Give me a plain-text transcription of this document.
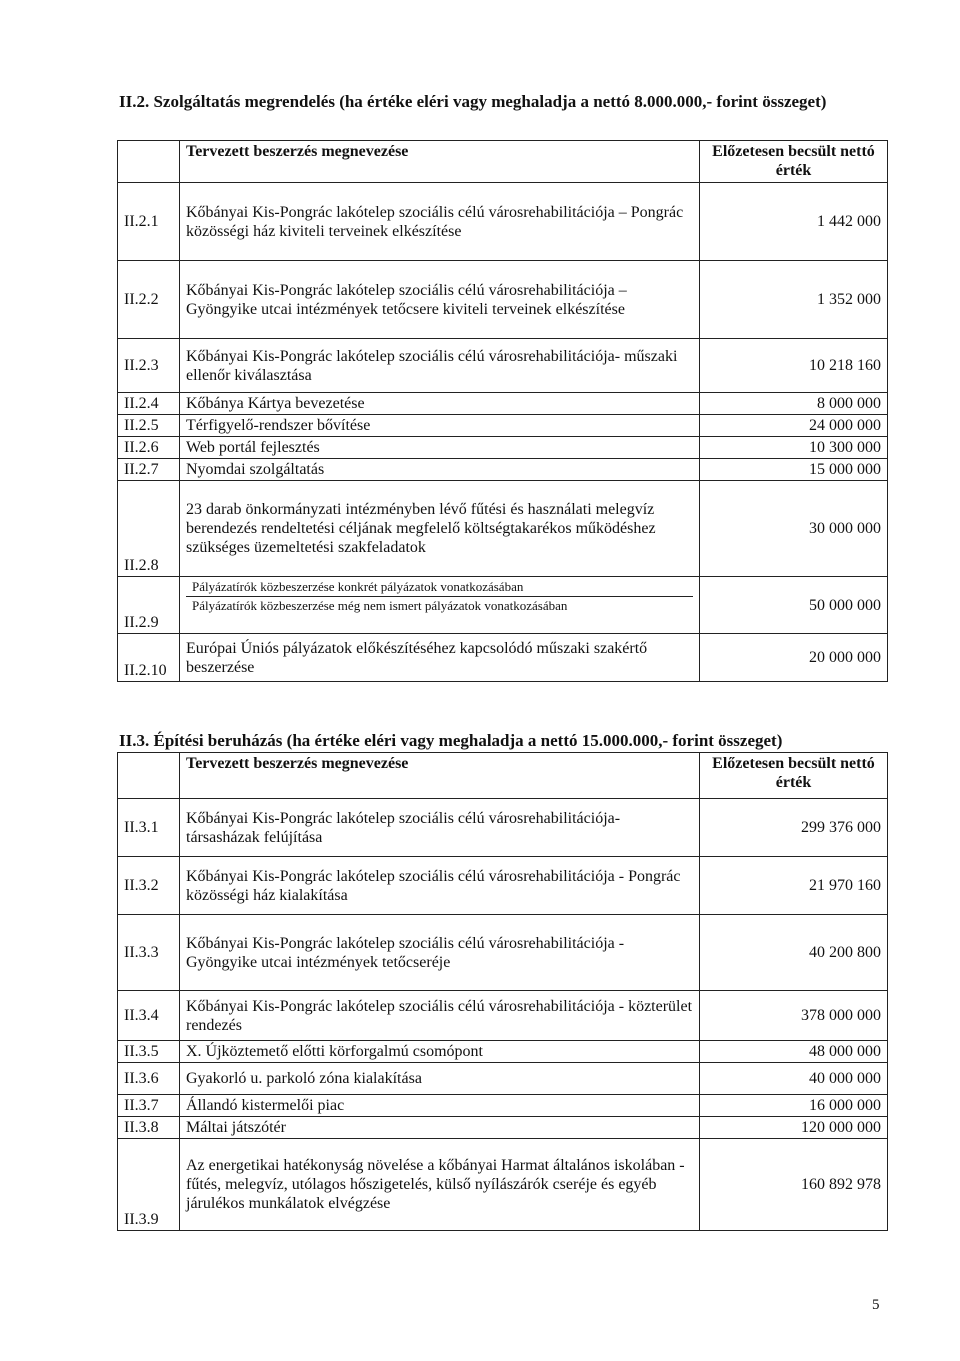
II.2. Szolgáltatás megrendelés (ha értéke eléri vagy meghaladja a nettó 8.000.000,- forint összeget)
	Tervezett beszerzés megnevezése	Előzetesen becsült nettó érték
II.2.1	Kőbányai Kis-Pongrác lakótelep szociális célú városrehabilitációja – Pongrác közösségi ház kiviteli terveinek elkészítése	1 442 000
II.2.2	Kőbányai Kis-Pongrác lakótelep szociális célú városrehabilitációja – Gyöngyike utcai intézmények tetőcsere kiviteli terveinek elkészítése	1 352 000
II.2.3	Kőbányai Kis-Pongrác lakótelep szociális célú városrehabilitációja- műszaki ellenőr kiválasztása	10 218 160
II.2.4	Kőbánya Kártya bevezetése	8 000 000
II.2.5	Térfigyelő-rendszer bővítése	24 000 000
II.2.6	Web portál fejlesztés	10 300 000
II.2.7	Nyomdai szolgáltatás	15 000 000
II.2.8	23 darab önkormányzati intézményben lévő fűtési és használati melegvíz berendezés rendeltetési céljának megfelelő költségtakarékos működéshez szükséges üzemeltetési szakfeladatok	30 000 000
II.2.9	Pályázatírók közbeszerzése konkrét pályázatok vonatkozásában
Pályázatírók közbeszerzése még nem ismert pályázatok vonatkozásában	50 000 000
II.2.10	Európai Úniós pályázatok előkészítéséhez kapcsolódó műszaki szakértő beszerzése	20 000 000
II.3. Építési beruházás (ha értéke eléri vagy meghaladja a nettó 15.000.000,- forint összeget)
	Tervezett beszerzés megnevezése	Előzetesen becsült nettó érték
II.3.1	Kőbányai Kis-Pongrác lakótelep szociális célú városrehabilitációja- társasházak felújítása	299 376 000
II.3.2	Kőbányai Kis-Pongrác lakótelep szociális célú városrehabilitációja - Pongrác közösségi ház kialakítása	21 970 160
II.3.3	Kőbányai Kis-Pongrác lakótelep szociális célú városrehabilitációja - Gyöngyike utcai intézmények tetőcseréje	40 200 800
II.3.4	Kőbányai Kis-Pongrác lakótelep szociális célú városrehabilitációja - közterület rendezés	378 000 000
II.3.5	X. Újköztemető előtti körforgalmú csomópont	48 000 000
II.3.6	Gyakorló u. parkoló zóna kialakítása	40 000 000
II.3.7	Állandó kistermelői piac	16 000 000
II.3.8	Máltai játszótér	120 000 000
II.3.9	Az energetikai hatékonyság növelése a kőbányai Harmat általános iskolában - fűtés, melegvíz, utólagos hőszigetelés, külső nyílászárók cseréje és egyéb járulékos munkálatok elvégzése	160 892 978
5
